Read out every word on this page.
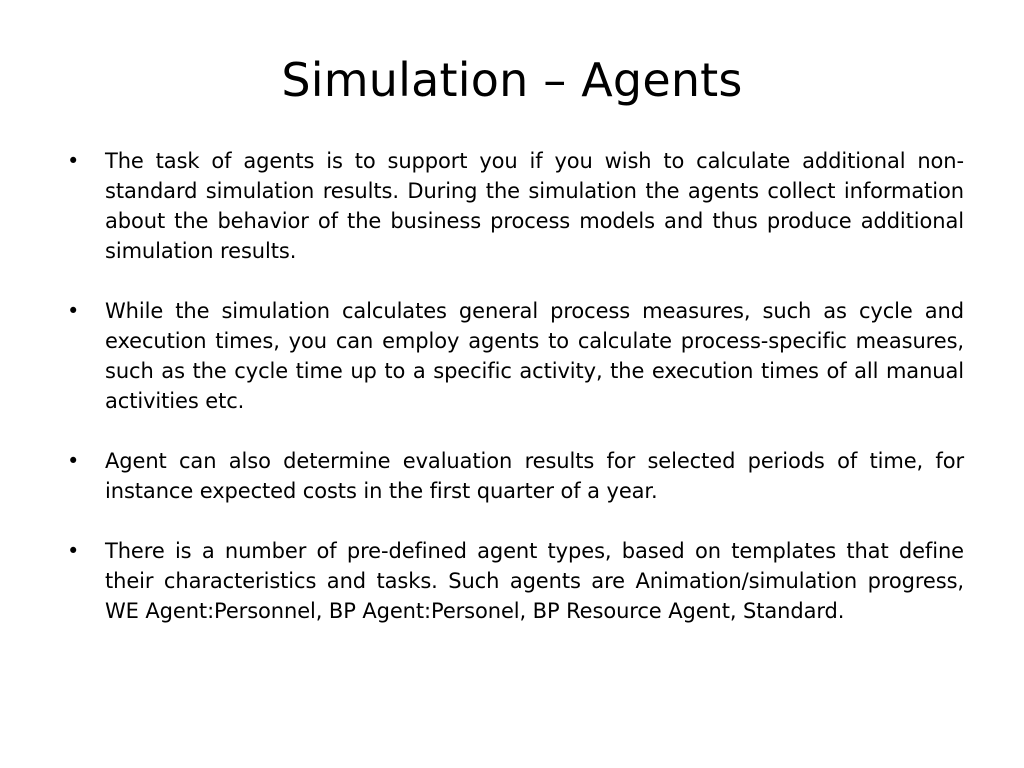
Simulation – Agents
• The task of agents is to support you if you wish to calculate additional non-standard simulation results. During the simulation the agents collect information about the behavior of the business process models and thus produce additional simulation results.
• While the simulation calculates general process measures, such as cycle and execution times, you can employ agents to calculate process-specific measures, such as the cycle time up to a specific activity, the execution times of all manual activities etc.
• Agent can also determine evaluation results for selected periods of time, for instance expected costs in the first quarter of a year.
• There is a number of pre-defined agent types, based on templates that define their characteristics and tasks. Such agents are Animation/simulation progress, WE Agent:Personnel, BP Agent:Personel, BP Resource Agent, Standard.
